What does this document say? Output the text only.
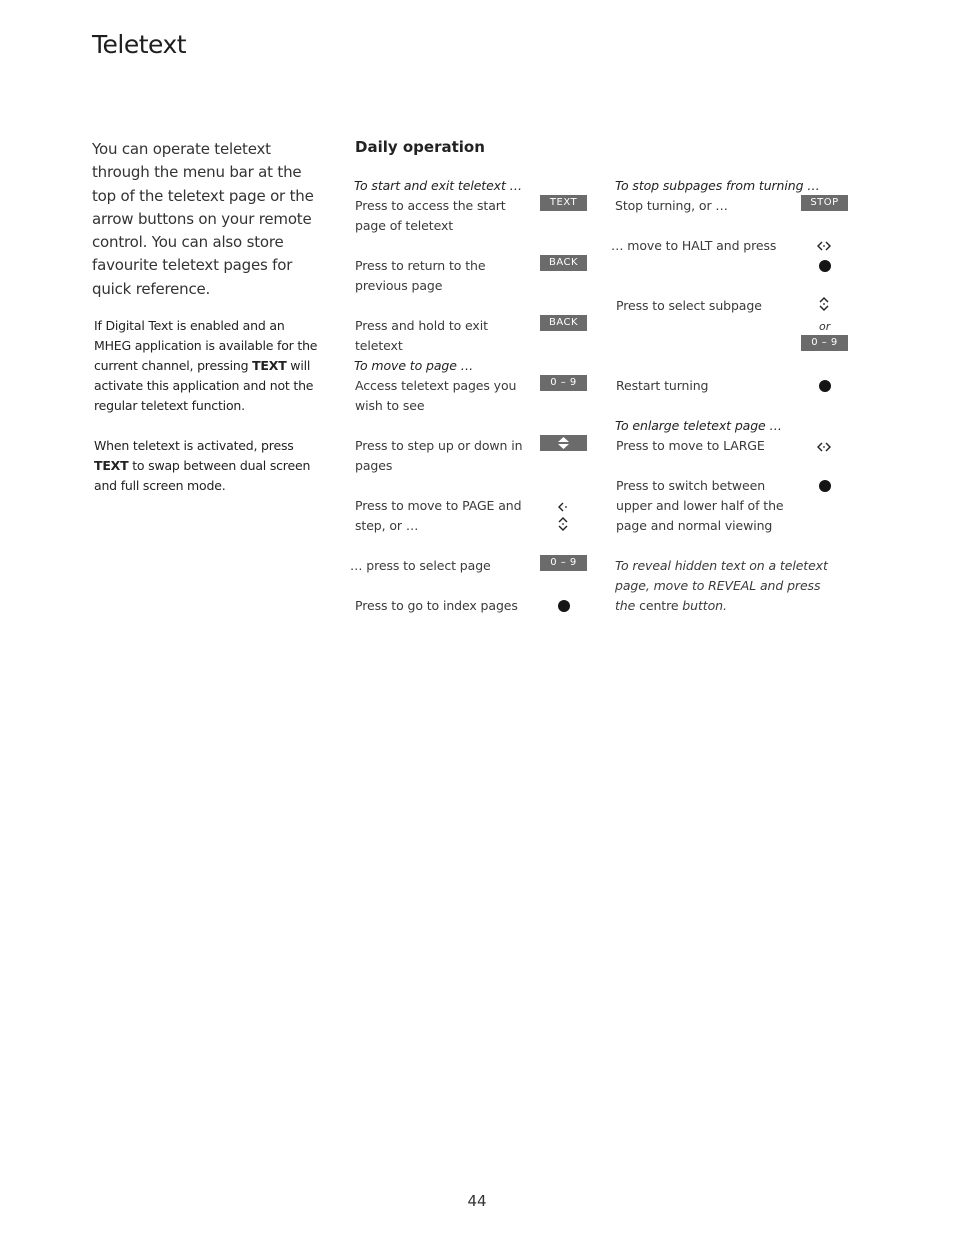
Teletext

You can operate teletext through the menu bar at the top of the teletext page or the arrow buttons on your remote control. You can also store favourite teletext pages for quick reference.

If Digital Text is enabled and an MHEG application is available for the current channel, pressing TEXT will activate this application and not the regular teletext function.

When teletext is activated, press TEXT to swap between dual screen and full screen mode.

Daily operation
To start and exit teletext …
Press to access the start page of teletext
TEXT
Press to return to the previous page
BACK
Press and hold to exit teletext
BACK
To move to page …
Access teletext pages you wish to see
0 – 9
Press to step up or down in pages
Press to move to PAGE and step, or …
… press to select page	0 – 9
Press to go to index pages
To stop subpages from turning …
Stop turning, or …	STOP
… move to HALT and press
Press to select subpage
or
0 – 9
Restart turning
To enlarge teletext page …
Press to move to LARGE
Press to switch between upper and lower half of the page and normal viewing
To reveal hidden text on a teletext page, move to REVEAL and press the centre button.
44
